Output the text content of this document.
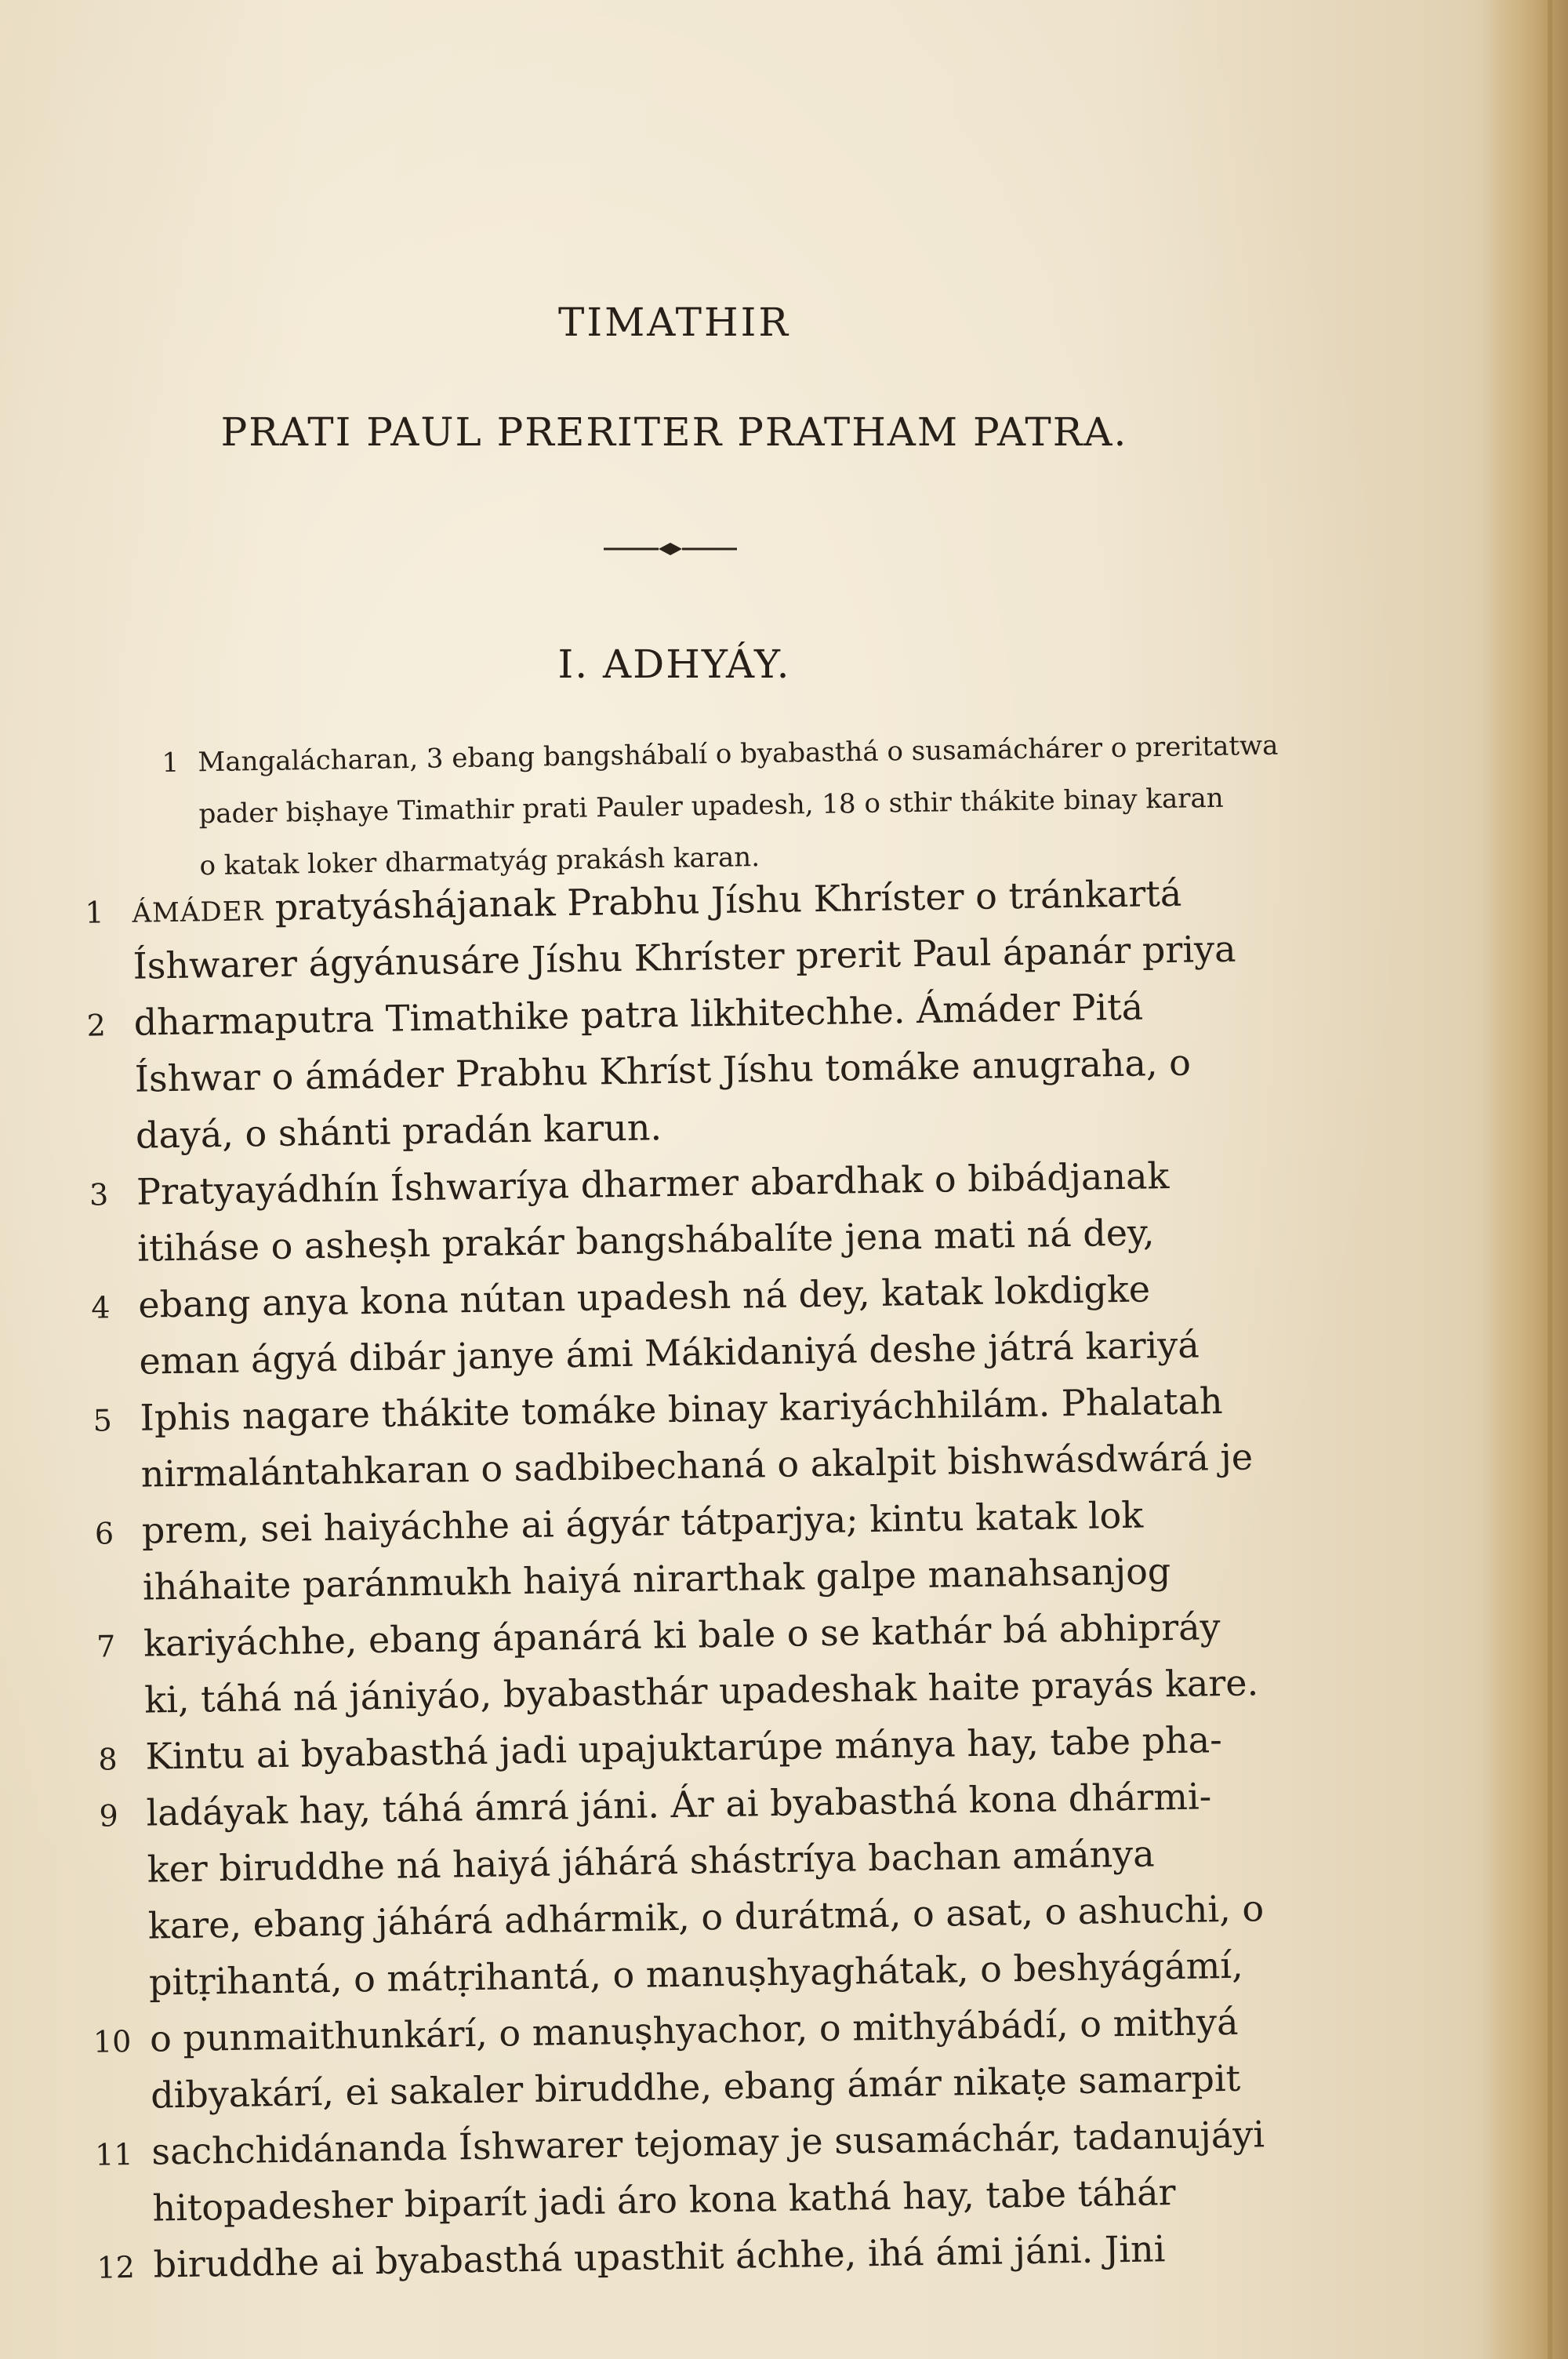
TIMATHIR
PRATI PAUL PRERITER PRATHAM PATRA.
I. ADHYÁY.
1 Mangalácharan, 3 ebang bangshábalí o byabasthá o susamáchárer o preritatwa
pader biṣhaye Timathir prati Pauler upadesh, 18 o sthir thákite binay karan
o katak loker dharmatyág prakásh karan.
1	ÁMÁDER pratyáshájanak Prabhu Jíshu Khríster o tránkartá
Íshwarer ágyánusáre Jíshu Khríster prerit Paul ápanár priya
2 dharmaputra Timathike patra likhitechhe. Ámáder Pitá
Íshwar o ámáder Prabhu Khríst Jíshu tomáke anugraha, o
dayá, o shánti pradán karun.
3 Pratyayádhín Íshwaríya dharmer abardhak o bibádjanak
itiháse o asheṣh prakár bangshábalíte jena mati ná dey,
4 ebang anya kona nútan upadesh ná dey, katak lokdigke
eman ágyá dibár janye ámi Mákidaniyá deshe játrá kariyá
5 Iphis nagare thákite tomáke binay kariyáchhilám. Phalatah
nirmalántahkaran o sadbibechaná o akalpit bishwásdwárá je
6 prem, sei haiyáchhe ai ágyár tátparjya; kintu katak lok
iháhaite paránmukh haiyá nirarthak galpe manahsanjog
7 kariyáchhe, ebang ápanárá ki bale o se kathár bá abhipráy
ki, táhá ná jániyáo, byabasthár upadeshak haite prayás kare.
8 Kintu ai byabasthá jadi upajuktarúpe mánya hay, tabe pha-
9 ladáyak hay, táhá ámrá jáni. Ár ai byabasthá kona dhármi-
ker biruddhe ná haiyá jáhárá shástríya bachan amánya
kare, ebang jáhárá adhármik, o durátmá, o asat, o ashuchi, o
pitṛihantá, o mátṛihantá, o manuṣhyaghátak, o beshyágámí,
10 o punmaithunkárí, o manuṣhyachor, o mithyábádí, o mithyá
dibyakárí, ei sakaler biruddhe, ebang ámár nikaṭe samarpit
11 sachchidánanda Íshwarer tejomay je susamáchár, tadanujáyi
hitopadesher biparít jadi áro kona kathá hay, tabe táhár
12 biruddhe ai byabasthá upasthit áchhe, ihá ámi jáni. Jini
